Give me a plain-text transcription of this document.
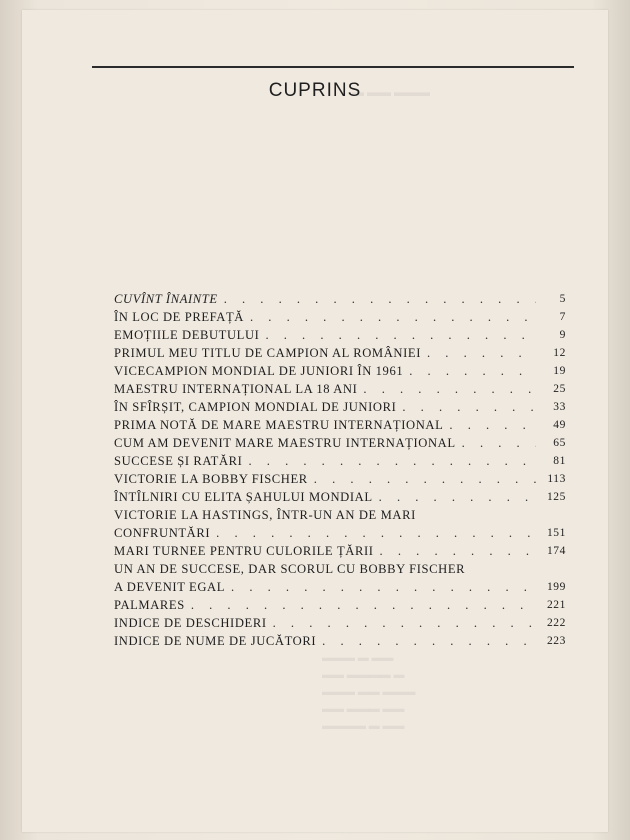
▬ ▬▬ ▬▬▬
▬▬▬ ▬ ▬▬
▬▬ ▬▬▬▬ ▬
▬▬▬ ▬▬ ▬▬▬
▬▬ ▬▬▬ ▬▬
▬▬▬▬ ▬ ▬▬
CUPRINS
CUVÎNT ÎNAINTE . . .	5
ÎN LOC DE PREFAȚĂ . . .	7
EMOȚIILE DEBUTULUI . . .	9
PRIMUL MEU TITLU DE CAMPION AL ROMÂNIEI . . .	12
VICECAMPION MONDIAL DE JUNIORI ÎN 1961 . . .	19
MAESTRU INTERNAȚIONAL LA 18 ANI . . .	25
ÎN SFÎRȘIT, CAMPION MONDIAL DE JUNIORI . . .	33
PRIMA NOTĂ DE MARE MAESTRU INTERNAȚIONAL . . .	49
CUM AM DEVENIT MARE MAESTRU INTERNAȚIONAL . . .	65
SUCCESE ȘI RATĂRI . . .	81
VICTORIE LA BOBBY FISCHER . . .	113
ÎNTÎLNIRI CU ELITA ȘAHULUI MONDIAL . . .	125
VICTORIE LA HASTINGS, ÎNTR-UN AN DE MARI
CONFRUNTĂRI . . .	151
MARI TURNEE PENTRU CULORILE ȚĂRII . . .	174
UN AN DE SUCCESE, DAR SCORUL CU BOBBY FISCHER
A DEVENIT EGAL . . .	199
PALMARES . . .	221
INDICE DE DESCHIDERI . . .	222
INDICE DE NUME DE JUCĂTORI . . .	223
